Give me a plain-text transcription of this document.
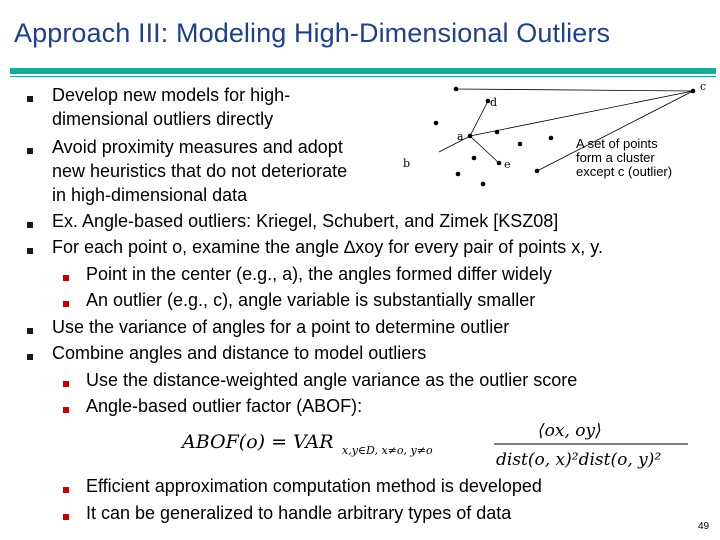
Approach III: Modeling High-Dimensional Outliers
Develop new models for high-
dimensional outliers directly
Avoid proximity measures and adopt
new heuristics that do not deteriorate
in high-dimensional data
Ex. Angle-based outliers: Kriegel, Schubert, and Zimek [KSZ08]
For each point o, examine the angle ∆xoy for every pair of points x, y.
Point in the center (e.g., a), the angles formed differ widely
An outlier (e.g., c), angle variable is substantially smaller
Use the variance of angles for a point to determine outlier
Combine angles and distance to model outliers
Use the distance-weighted angle variance as the outlier score
Angle-based outlier factor (ABOF):
Efficient approximation computation method is developed
It can be generalized to handle arbitrary types of data
d
a
b	e
c
A set of points
form a cluster
except c (outlier)
ABOF(o) = VAR x,y∈D, x≠o, y≠o
⟨ox, oy⟩
dist(o, x)²dist(o, y)²
49
